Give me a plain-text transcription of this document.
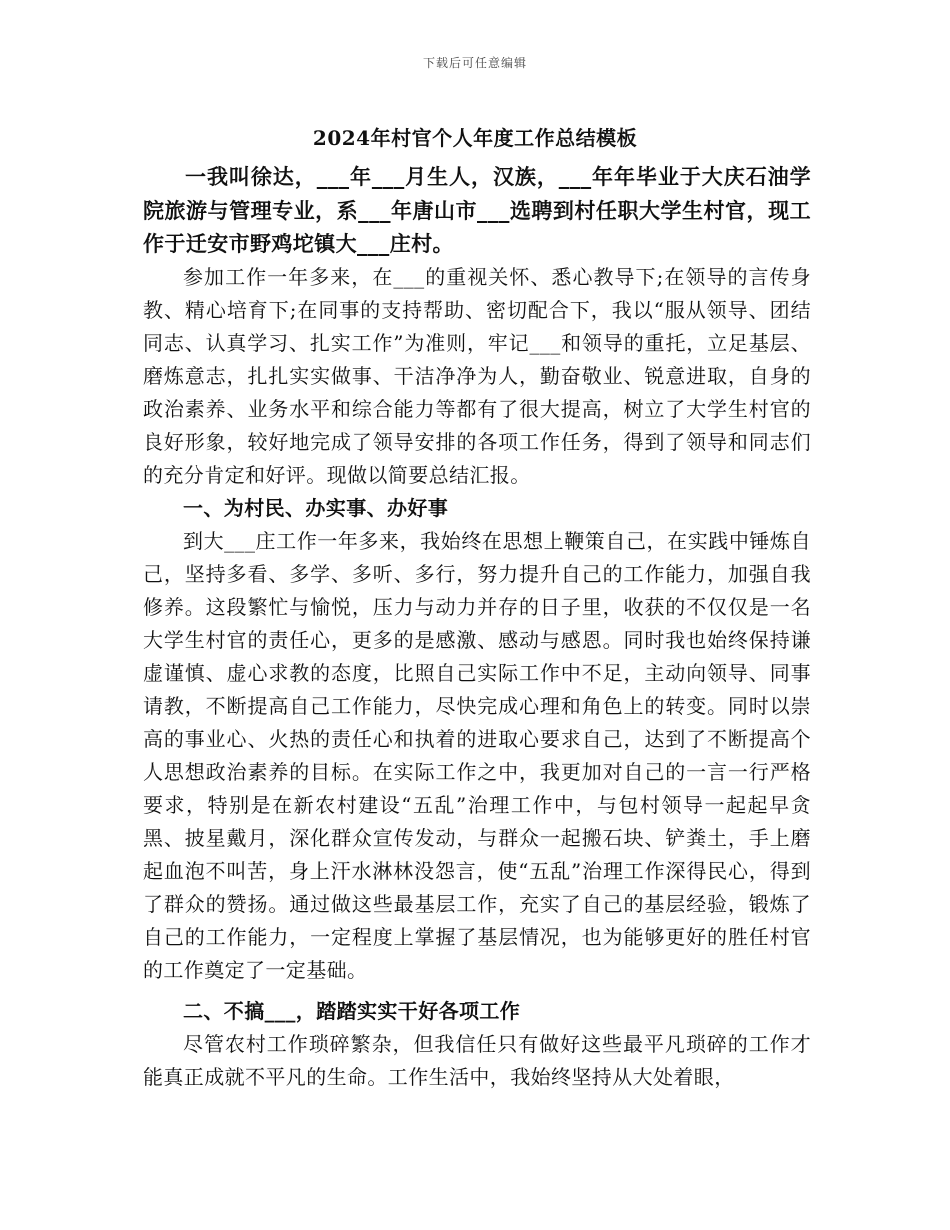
下载后可任意编辑
2024年村官个人年度工作总结模板

一我叫徐达，___年___月生人，汉族，___年年毕业于大庆石油学院旅游与管理专业，系___年唐山市___选聘到村任职大学生村官，现工作于迁安市野鸡坨镇大___庄村。

参加工作一年多来，在___的重视关怀、悉心教导下;在领导的言传身教、精心培育下;在同事的支持帮助、密切配合下，我以“服从领导、团结同志、认真学习、扎实工作”为准则，牢记___和领导的重托，立足基层、磨炼意志，扎扎实实做事、干洁净净为人，勤奋敬业、锐意进取，自身的政治素养、业务水平和综合能力等都有了很大提高，树立了大学生村官的良好形象，较好地完成了领导安排的各项工作任务，得到了领导和同志们的充分肯定和好评。现做以简要总结汇报。

一、为村民、办实事、办好事

到大___庄工作一年多来，我始终在思想上鞭策自己，在实践中锤炼自己，坚持多看、多学、多听、多行，努力提升自己的工作能力，加强自我修养。这段繁忙与愉悦，压力与动力并存的日子里，收获的不仅仅是一名大学生村官的责任心，更多的是感激、感动与感恩。同时我也始终保持谦虚谨慎、虚心求教的态度，比照自己实际工作中不足，主动向领导、同事请教，不断提高自己工作能力，尽快完成心理和角色上的转变。同时以崇高的事业心、火热的责任心和执着的进取心要求自己，达到了不断提高个人思想政治素养的目标。在实际工作之中，我更加对自己的一言一行严格要求，特别是在新农村建设“五乱”治理工作中，与包村领导一起起早贪黑、披星戴月，深化群众宣传发动，与群众一起搬石块、铲粪土，手上磨起血泡不叫苦，身上汗水淋林没怨言，使“五乱”治理工作深得民心，得到了群众的赞扬。通过做这些最基层工作，充实了自己的基层经验，锻炼了自己的工作能力，一定程度上掌握了基层情况，也为能够更好的胜任村官的工作奠定了一定基础。

二、不搞___，踏踏实实干好各项工作

尽管农村工作琐碎繁杂，但我信任只有做好这些最平凡琐碎的工作才能真正成就不平凡的生命。工作生活中，我始终坚持从大处着眼，
